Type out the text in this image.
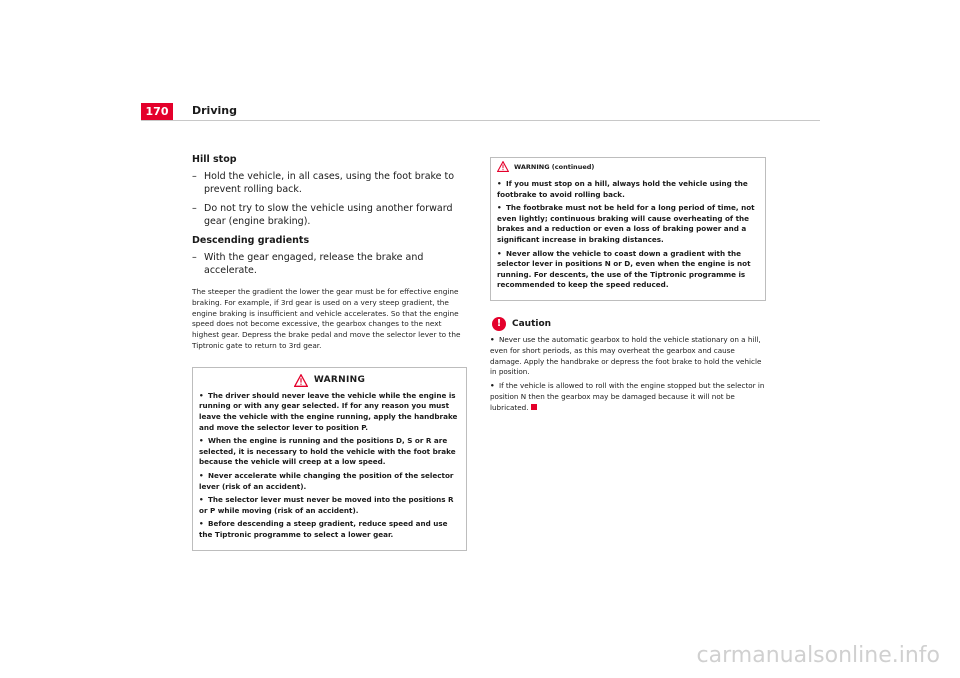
170	Driving
Hill stop
– Hold the vehicle, in all cases, using the foot brake to prevent rolling back.
– Do not try to slow the vehicle using another forward gear (engine braking).
Descending gradients
– With the gear engaged, release the brake and accelerate.

The steeper the gradient the lower the gear must be for effective engine braking. For example, if 3rd gear is used on a very steep gradient, the engine braking is insufficient and vehicle accelerates. So that the engine speed does not become excessive, the gearbox changes to the next highest gear. Depress the brake pedal and move the selector lever to the Tiptronic gate to return to 3rd gear.

WARNING
• The driver should never leave the vehicle while the engine is running or with any gear selected. If for any reason you must leave the vehicle with the engine running, apply the handbrake and move the selector lever to position P.
• When the engine is running and the positions D, S or R are selected, it is necessary to hold the vehicle with the foot brake because the vehicle will creep at a low speed.
• Never accelerate while changing the position of the selector lever (risk of an accident).
• The selector lever must never be moved into the positions R or P while moving (risk of an accident).
• Before descending a steep gradient, reduce speed and use the Tiptronic programme to select a lower gear.
WARNING (continued)
• If you must stop on a hill, always hold the vehicle using the footbrake to avoid rolling back.
• The footbrake must not be held for a long period of time, not even lightly; continuous braking will cause overheating of the brakes and a reduction or even a loss of braking power and a significant increase in braking distances.
• Never allow the vehicle to coast down a gradient with the selector lever in positions N or D, even when the engine is not running. For descents, the use of the Tiptronic programme is recommended to keep the speed reduced.
!	Caution
• Never use the automatic gearbox to hold the vehicle stationary on a hill, even for short periods, as this may overheat the gearbox and cause damage. Apply the handbrake or depress the foot brake to hold the vehicle in position.
• If the vehicle is allowed to roll with the engine stopped but the selector in position N then the gearbox may be damaged because it will not be lubricated.
carmanualsonline.info
